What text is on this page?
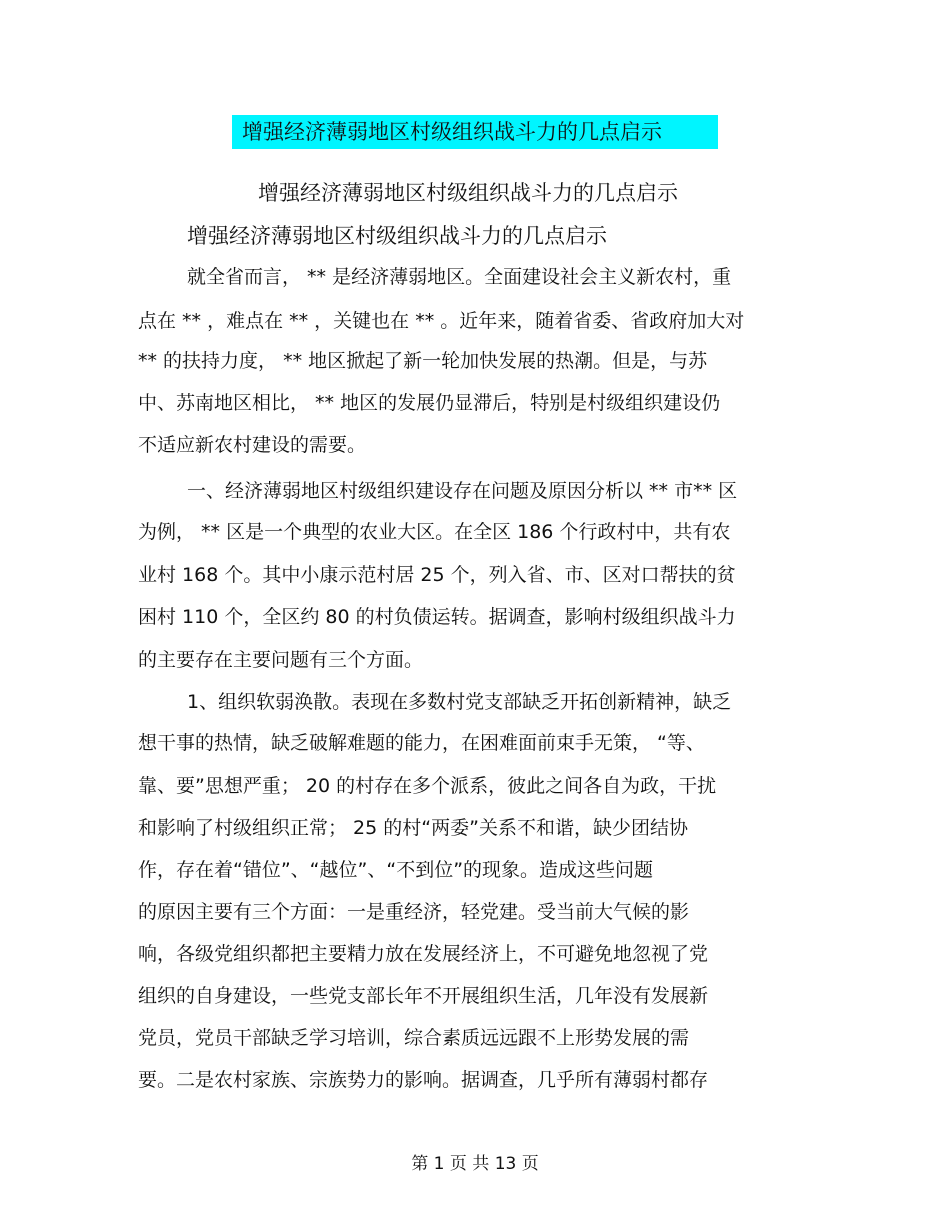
增强经济薄弱地区村级组织战斗力的几点启示
增强经济薄弱地区村级组织战斗力的几点启示
增强经济薄弱地区村级组织战斗力的几点启示
就全省而言， ** 是经济薄弱地区。全面建设社会主义新农村，重
点在 ** ，难点在 ** ，关键也在 ** 。近年来，随着省委、省政府加大对
** 的扶持力度， ** 地区掀起了新一轮加快发展的热潮。但是，与苏
中、苏南地区相比， ** 地区的发展仍显滞后，特别是村级组织建设仍
不适应新农村建设的需要。
一、经济薄弱地区村级组织建设存在问题及原因分析以 ** 市** 区
为例， ** 区是一个典型的农业大区。在全区 186 个行政村中，共有农
业村 168 个。其中小康示范村居 25 个，列入省、市、区对口帮扶的贫
困村 110 个，全区约 80 的村负债运转。据调查，影响村级组织战斗力
的主要存在主要问题有三个方面。
1、组织软弱涣散。表现在多数村党支部缺乏开拓创新精神，缺乏
想干事的热情，缺乏破解难题的能力，在困难面前束手无策， “等、
靠、要”思想严重； 20 的村存在多个派系，彼此之间各自为政，干扰
和影响了村级组织正常； 25 的村“两委”关系不和谐，缺少团结协
作，存在着“错位”、“越位”、“不到位”的现象。造成这些问题
的原因主要有三个方面：一是重经济，轻党建。受当前大气候的影
响，各级党组织都把主要精力放在发展经济上，不可避免地忽视了党
组织的自身建设，一些党支部长年不开展组织生活，几年没有发展新
党员，党员干部缺乏学习培训，综合素质远远跟不上形势发展的需
要。二是农村家族、宗族势力的影响。据调查，几乎所有薄弱村都存
第 1 页 共 13 页
